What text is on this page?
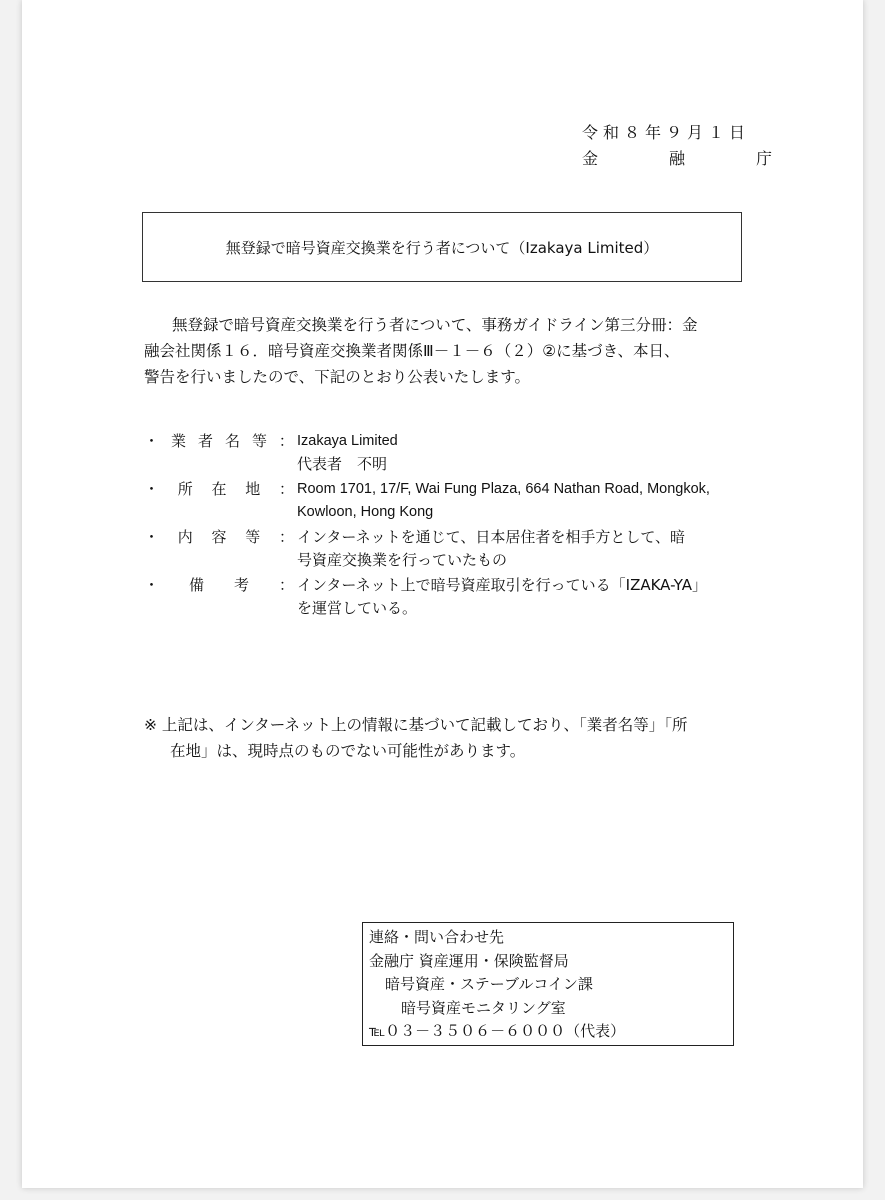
令和８年９月１日
金	融	庁
無登録で暗号資産交換業を行う者について（Izakaya Limited）
無登録で暗号資産交換業を行う者について、事務ガイドライン第三分冊：金
融会社関係１６．暗号資産交換業者関係Ⅲ－１－６（２）②に基づき、本日、
警告を行いましたので、下記のとおり公表いたします。
・ 業 者 名 等 ： Izakaya Limited
代表者　不明
・ 所 在 地 ： Room 1701, 17/F, Wai Fung Plaza, 664 Nathan Road, Mongkok,
Kowloon, Hong Kong
・ 内 容 等 ： インターネットを通じて、日本居住者を相手方として、暗
号資産交換業を行っていたもの
・ 備 考 ： インターネット上で暗号資産取引を行っている「IZAKA-YA」
を運営している。
※ 上記は、インターネット上の情報に基づいて記載しており、「業者名等」「所
在地」は、現時点のものでない可能性があります。
連絡・問い合わせ先
金融庁 資産運用・保険監督局
暗号資産・ステーブルコイン課
暗号資産モニタリング室
℡０３－３５０６－６０００（代表）
